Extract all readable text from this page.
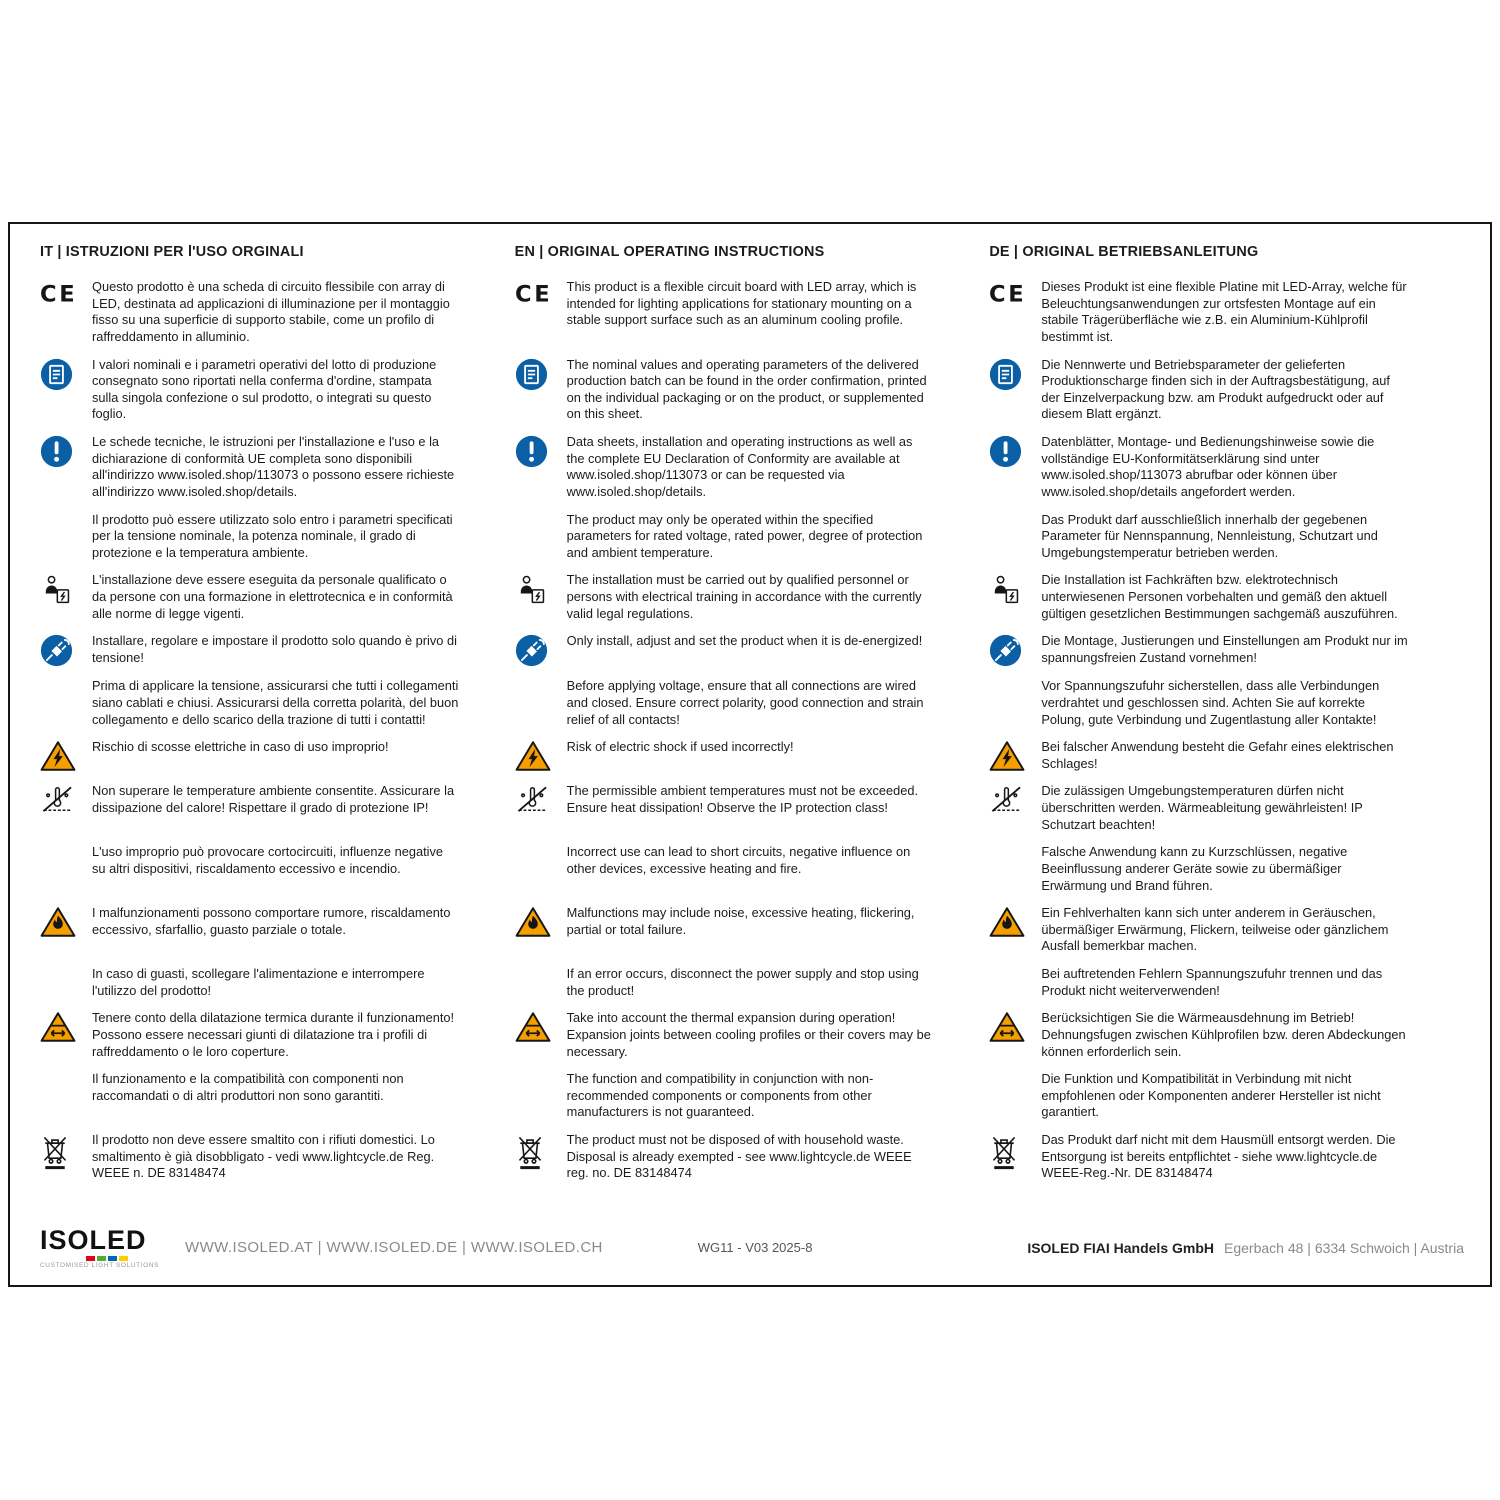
IT | ISTRUZIONI PER l'USO ORGINALI	EN | ORIGINAL OPERATING INSTRUCTIONS	DE | ORIGINAL BETRIEBSANLEITUNG

Questo prodotto è una scheda di circuito flessibile con array di LED, destinata ad applicazioni di illuminazione per il montaggio fisso su una superficie di supporto stabile, come un profilo di raffreddamento in alluminio.

This product is a flexible circuit board with LED array, which is intended for lighting applications for stationary mounting on a stable support surface such as an aluminum cooling profile.

Dieses Produkt ist eine flexible Platine mit LED-Array, welche für Beleuchtungsanwendungen zur ortsfesten Montage auf ein stabile Trägerüberfläche wie z.B. ein Aluminium-Kühlprofil bestimmt ist.

I valori nominali e i parametri operativi del lotto di produzione consegnato sono riportati nella conferma d'ordine, stampata sulla singola confezione o sul prodotto, o integrati su questo foglio.

The nominal values and operating parameters of the delivered production batch can be found in the order confirmation, printed on the individual packaging or on the product, or supplemented on this sheet.

Die Nennwerte und Betriebsparameter der gelieferten Produktionscharge finden sich in der Auftragsbestätigung, auf der Einzelverpackung bzw. am Produkt aufgedruckt oder auf diesem Blatt ergänzt.

Le schede tecniche, le istruzioni per l'installazione e l'uso e la dichiarazione di conformità UE completa sono disponibili all'indirizzo www.isoled.shop/113073 o possono essere richieste all'indirizzo www.isoled.shop/details.

Data sheets, installation and operating instructions as well as the complete EU Declaration of Conformity are available at www.isoled.shop/113073 or can be requested via www.isoled.shop/details.

Datenblätter, Montage- und Bedienungshinweise sowie die vollständige EU-Konformitätserklärung sind unter www.isoled.shop/113073 abrufbar oder können über www.isoled.shop/details angefordert werden.

Il prodotto può essere utilizzato solo entro i parametri specificati per la tensione nominale, la potenza nominale, il grado di protezione e la temperatura ambiente.

The product may only be operated within the specified parameters for rated voltage, rated power, degree of protection and ambient temperature.

Das Produkt darf ausschließlich innerhalb der gegebenen Parameter für Nennspannung, Nennleistung, Schutzart und Umgebungstemperatur betrieben werden.

L'installazione deve essere eseguita da personale qualificato o da persone con una formazione in elettrotecnica e in conformità alle norme di legge vigenti.

The installation must be carried out by qualified personnel or persons with electrical training in accordance with the currently valid legal regulations.

Die Installation ist Fachkräften bzw. elektrotechnisch unterwiesenen Personen vorbehalten und gemäß den aktuell gültigen gesetzlichen Bestimmungen sachgemäß auszuführen.

Installare, regolare e impostare il prodotto solo quando è privo di tensione!

Only install, adjust and set the product when it is de-energized!	Die Montage, Justierungen und Einstellungen am Produkt nur im spannungsfreien Zustand vornehmen!

Prima di applicare la tensione, assicurarsi che tutti i collegamenti siano cablati e chiusi. Assicurarsi della corretta polarità, del buon collegamento e dello scarico della trazione di tutti i contatti!

Before applying voltage, ensure that all connections are wired and closed. Ensure correct polarity, good connection and strain relief of all contacts!

Vor Spannungszufuhr sicherstellen, dass alle Verbindungen verdrahtet und geschlossen sind. Achten Sie auf korrekte Polung, gute Verbindung und Zugentlastung aller Kontakte!

Rischio di scosse elettriche in caso di uso improprio!	Risk of electric shock if used incorrectly!	Bei falscher Anwendung besteht die Gefahr eines elektrischen Schlages!

Non superare le temperature ambiente consentite. Assicurare la dissipazione del calore! Rispettare il grado di protezione IP!

The permissible ambient temperatures must not be exceeded. Ensure heat dissipation! Observe the IP protection class!

Die zulässigen Umgebungstemperaturen dürfen nicht überschritten werden. Wärmeableitung gewährleisten! IP Schutzart beachten!

L'uso improprio può provocare cortocircuiti, influenze negative su altri dispositivi, riscaldamento eccessivo e incendio.

Incorrect use can lead to short circuits, negative influence on other devices, excessive heating and fire.

Falsche Anwendung kann zu Kurzschlüssen, negative Beeinflussung anderer Geräte sowie zu übermäßiger Erwärmung und Brand führen.

I malfunzionamenti possono comportare rumore, riscaldamento eccessivo, sfarfallio, guasto parziale o totale.

Malfunctions may include noise, excessive heating, flickering, partial or total failure.

Ein Fehlverhalten kann sich unter anderem in Geräuschen, übermäßiger Erwärmung, Flickern, teilweise oder gänzlichem Ausfall bemerkbar machen.

In caso di guasti, scollegare l'alimentazione e interrompere l'utilizzo del prodotto!

If an error occurs, disconnect the power supply and stop using the product!

Bei auftretenden Fehlern Spannungszufuhr trennen und das Produkt nicht weiterverwenden!

Tenere conto della dilatazione termica durante il funzionamento! Possono essere necessari giunti di dilatazione tra i profili di raffreddamento o le loro coperture.

Take into account the thermal expansion during operation! Expansion joints between cooling profiles or their covers may be necessary.

Berücksichtigen Sie die Wärmeausdehnung im Betrieb! Dehnungsfugen zwischen Kühlprofilen bzw. deren Abdeckungen können erforderlich sein.

Il funzionamento e la compatibilità con componenti non raccomandati o di altri produttori non sono garantiti.

The function and compatibility in conjunction with non-recommended components or components from other manufacturers is not guaranteed.

Die Funktion und Kompatibilität in Verbindung mit nicht empfohlenen oder Komponenten anderer Hersteller ist nicht garantiert.

Il prodotto non deve essere smaltito con i rifiuti domestici. Lo smaltimento è già disobbligato - vedi www.lightcycle.de Reg. WEEE n. DE 83148474

The product must not be disposed of with household waste. Disposal is already exempted - see www.lightcycle.de WEEE reg. no. DE 83148474

Das Produkt darf nicht mit dem Hausmüll entsorgt werden. Die Entsorgung ist bereits entpflichtet - siehe www.lightcycle.de WEEE-Reg.-Nr. DE 83148474

ISOLED
CUSTOMISED LIGHT SOLUTIONS
WWW.ISOLED.AT | WWW.ISOLED.DE | WWW.ISOLED.CH	WG11 - V03 2025-8	ISOLED FIAI Handels GmbH Egerbach 48 | 6334 Schwoich | Austria
